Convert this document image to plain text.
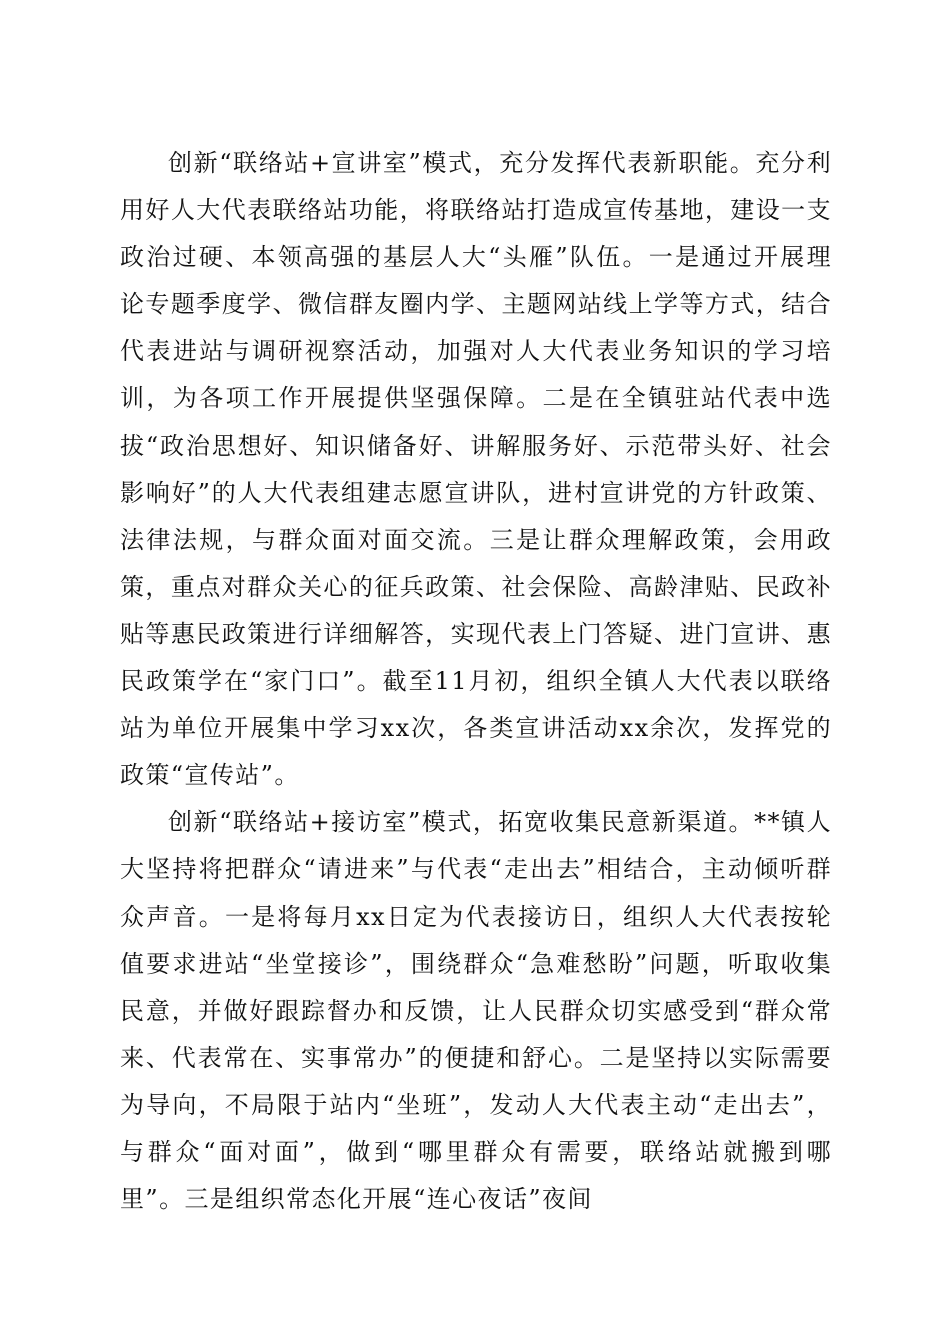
创新“联络站+宣讲室”模式，充分发挥代表新职能。充分利用好人大代表联络站功能，将联络站打造成宣传基地，建设一支政治过硬、本领高强的基层人大“头雁”队伍。一是通过开展理论专题季度学、微信群友圈内学、主题网站线上学等方式，结合代表进站与调研视察活动，加强对人大代表业务知识的学习培训，为各项工作开展提供坚强保障。二是在全镇驻站代表中选拔“政治思想好、知识储备好、讲解服务好、示范带头好、社会影响好”的人大代表组建志愿宣讲队，进村宣讲党的方针政策、法律法规，与群众面对面交流。三是让群众理解政策，会用政策，重点对群众关心的征兵政策、社会保险、高龄津贴、民政补贴等惠民政策进行详细解答，实现代表上门答疑、进门宣讲、惠民政策学在“家门口”。截至11月初，组织全镇人大代表以联络站为单位开展集中学习xx次，各类宣讲活动xx余次，发挥党的政策“宣传站”。

创新“联络站+接访室”模式，拓宽收集民意新渠道。**镇人大坚持将把群众“请进来”与代表“走出去”相结合，主动倾听群众声音。一是将每月xx日定为代表接访日，组织人大代表按轮值要求进站“坐堂接诊”，围绕群众“急难愁盼”问题，听取收集民意，并做好跟踪督办和反馈，让人民群众切实感受到“群众常来、代表常在、实事常办”的便捷和舒心。二是坚持以实际需要为导向，不局限于站内“坐班”，发动人大代表主动“走出去”，与群众“面对面”，做到“哪里群众有需要，联络站就搬到哪里”。三是组织常态化开展“连心夜话”夜间
